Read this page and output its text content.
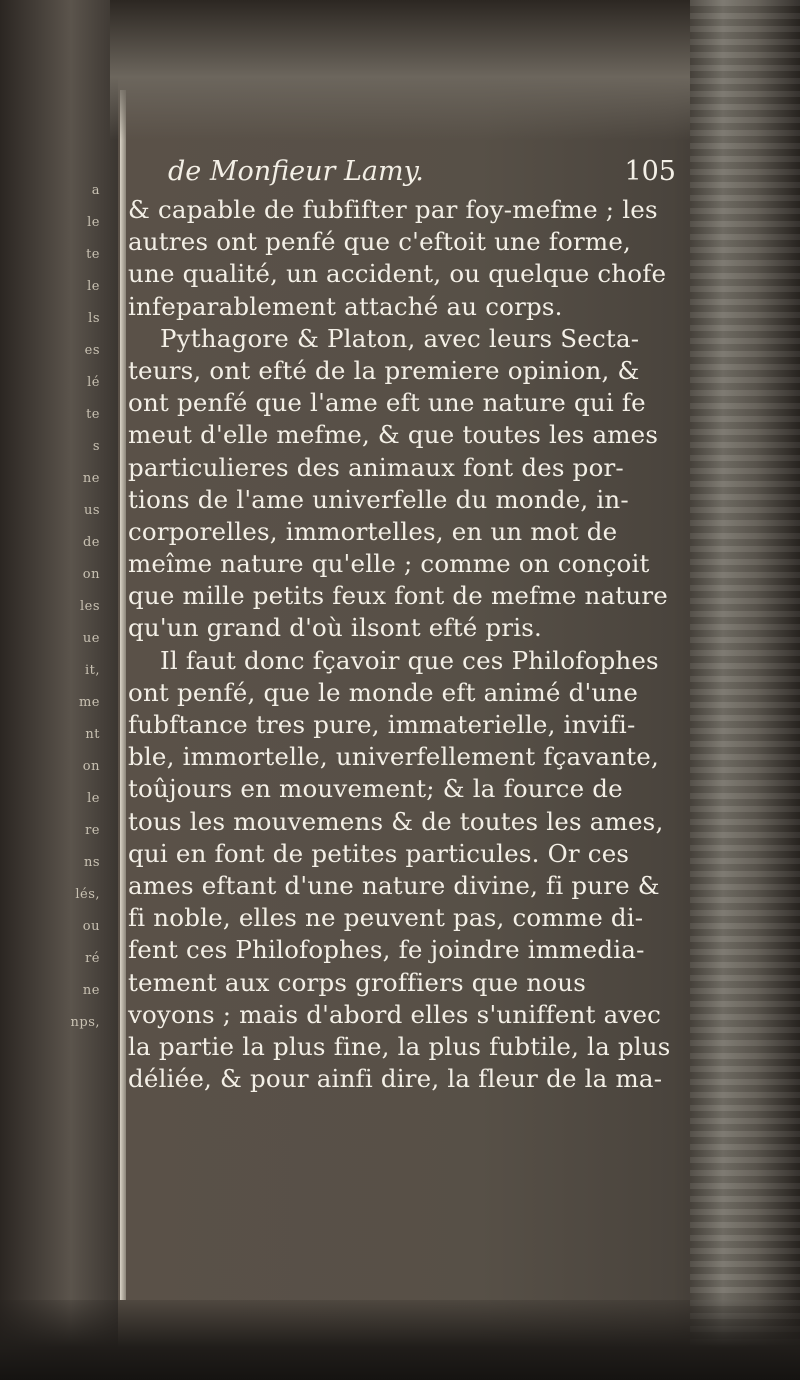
a
le
te
le
ls
es
lé
te
s
ne
us
de
on
les
ue
it,
me
nt
on
le
re
ns
lés,
ou
ré
ne
nps,
de Monfieur Lamy.	105
& capable de fubfifter par foy-mefme ; les
autres ont penfé que c'eftoit une forme,
une qualité, un accident, ou quelque chofe
infeparablement attaché au corps.
Pythagore & Platon, avec leurs Secta-
teurs, ont efté de la premiere opinion, &
ont penfé que l'ame eft une nature qui fe
meut d'elle mefme, & que toutes les ames
particulieres des animaux font des por-
tions de l'ame univerfelle du monde, in-
corporelles, immortelles, en un mot de
meîme nature qu'elle ; comme on conçoit
que mille petits feux font de mefme nature
qu'un grand d'où ilsont efté pris.
Il faut donc fçavoir que ces Philofophes
ont penfé, que le monde eft animé d'une
fubftance tres pure, immaterielle, invifi-
ble, immortelle, univerfellement fçavante,
toûjours en mouvement; & la fource de
tous les mouvemens & de toutes les ames,
qui en font de petites particules. Or ces
ames eftant d'une nature divine, fi pure &
fi noble, elles ne peuvent pas, comme di-
fent ces Philofophes, fe joindre immedia-
tement aux corps groffiers que nous
voyons ; mais d'abord elles s'uniffent avec
la partie la plus fine, la plus fubtile, la plus
déliée, & pour ainfi dire, la fleur de la ma-
